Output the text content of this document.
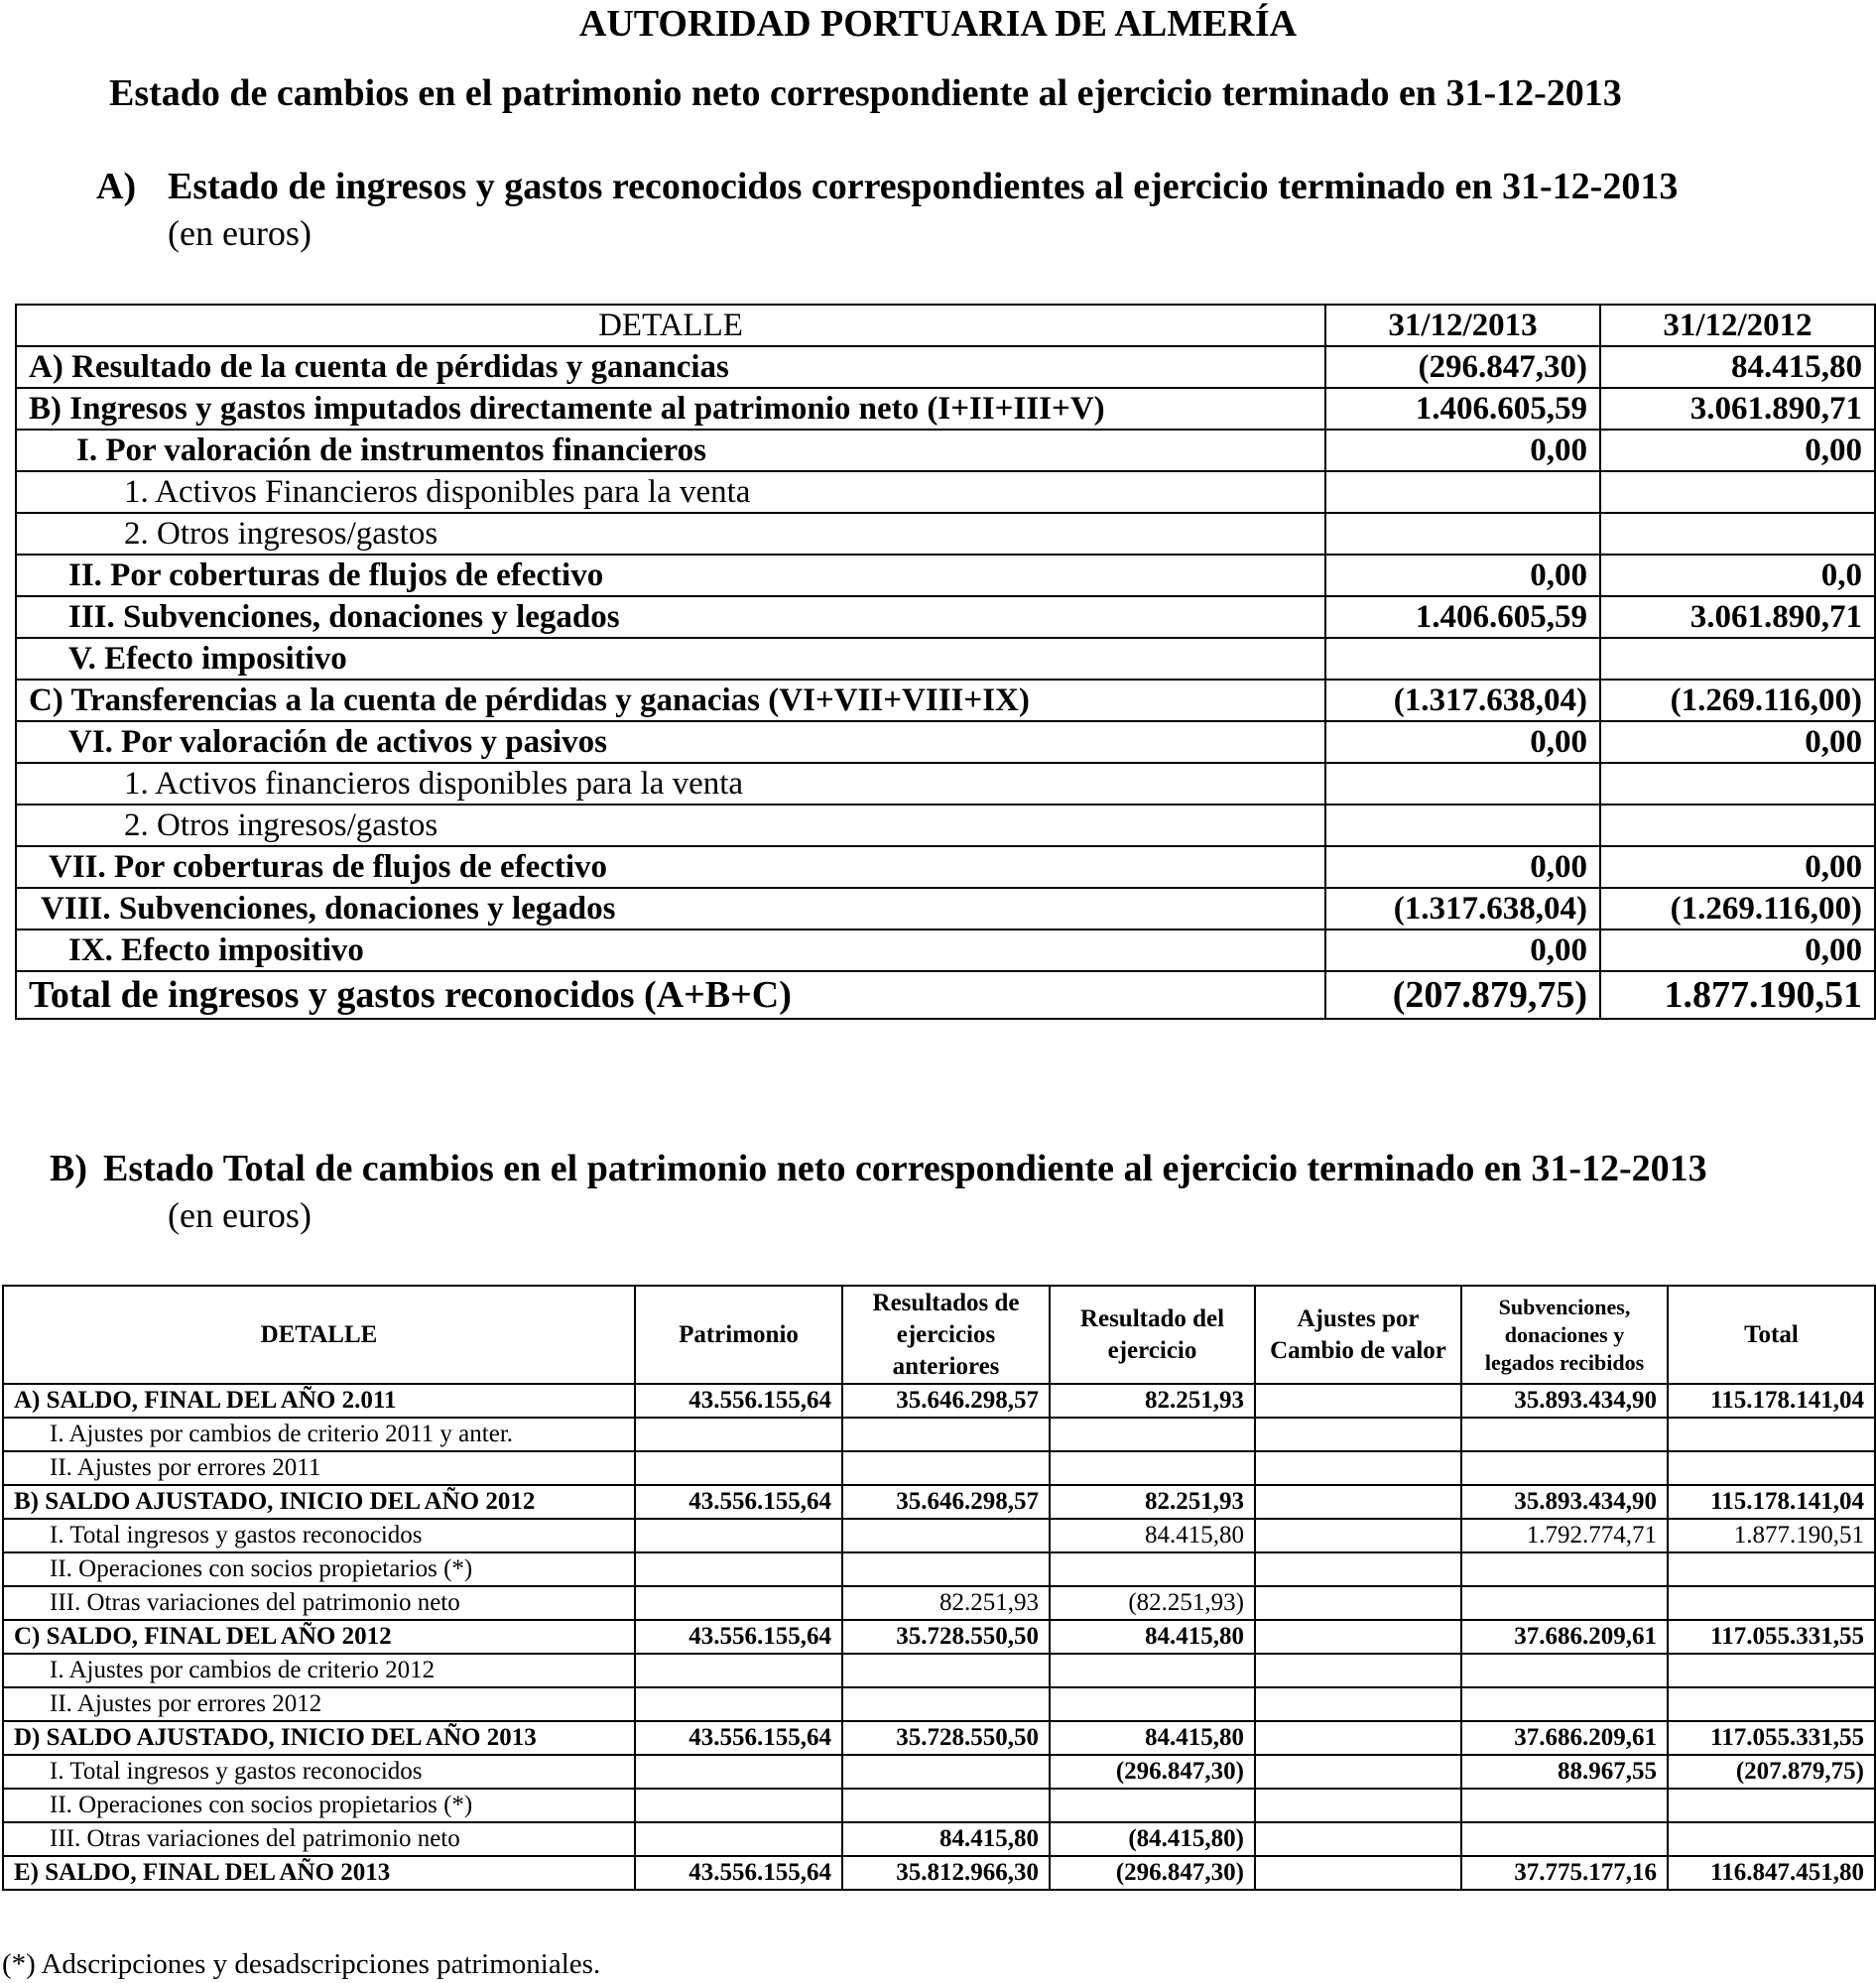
AUTORIDAD PORTUARIA DE ALMERÍA
Estado de cambios en el patrimonio neto correspondiente al ejercicio terminado en 31-12-2013
A) Estado de ingresos y gastos reconocidos correspondientes al ejercicio terminado en 31-12-2013
(en euros)
DETALLE	31/12/2013	31/12/2012
A) Resultado de la cuenta de pérdidas y ganancias	(296.847,30)	84.415,80
B) Ingresos y gastos imputados directamente al patrimonio neto (I+II+III+V)	1.406.605,59	3.061.890,71
I. Por valoración de instrumentos financieros	0,00	0,00
1. Activos Financieros disponibles para la venta		
2. Otros ingresos/gastos		
II. Por coberturas de flujos de efectivo	0,00	0,0
III. Subvenciones, donaciones y legados	1.406.605,59	3.061.890,71
V. Efecto impositivo		
C) Transferencias a la cuenta de pérdidas y ganacias (VI+VII+VIII+IX)	(1.317.638,04)	(1.269.116,00)
VI. Por valoración de activos y pasivos	0,00	0,00
1. Activos financieros disponibles para la venta		
2. Otros ingresos/gastos		
VII. Por coberturas de flujos de efectivo	0,00	0,00
VIII. Subvenciones, donaciones y legados	(1.317.638,04)	(1.269.116,00)
IX. Efecto impositivo	0,00	0,00
Total de ingresos y gastos reconocidos (A+B+C)	(207.879,75)	1.877.190,51
B) Estado Total de cambios en el patrimonio neto correspondiente al ejercicio terminado en 31-12-2013
(en euros)
DETALLE	Patrimonio	Resultados de ejercicios anteriores	Resultado del ejercicio	Ajustes por Cambio de valor	Subvenciones, donaciones y legados recibidos	Total
A) SALDO, FINAL DEL AÑO 2.011	43.556.155,64	35.646.298,57	82.251,93		35.893.434,90	115.178.141,04
I. Ajustes por cambios de criterio 2011 y anter.						
II. Ajustes por errores 2011						
B) SALDO AJUSTADO, INICIO DEL AÑO 2012	43.556.155,64	35.646.298,57	82.251,93		35.893.434,90	115.178.141,04
I. Total ingresos y gastos reconocidos			84.415,80		1.792.774,71	1.877.190,51
II. Operaciones con socios propietarios (*)						
III. Otras variaciones del patrimonio neto		82.251,93	(82.251,93)			
C) SALDO, FINAL DEL AÑO 2012	43.556.155,64	35.728.550,50	84.415,80		37.686.209,61	117.055.331,55
I. Ajustes por cambios de criterio 2012						
II. Ajustes por errores 2012						
D) SALDO AJUSTADO, INICIO DEL AÑO 2013	43.556.155,64	35.728.550,50	84.415,80		37.686.209,61	117.055.331,55
I. Total ingresos y gastos reconocidos			(296.847,30)		88.967,55	(207.879,75)
II. Operaciones con socios propietarios (*)						
III. Otras variaciones del patrimonio neto		84.415,80	(84.415,80)			
E) SALDO, FINAL DEL AÑO 2013	43.556.155,64	35.812.966,30	(296.847,30)		37.775.177,16	116.847.451,80
(*) Adscripciones y desadscripciones patrimoniales.
